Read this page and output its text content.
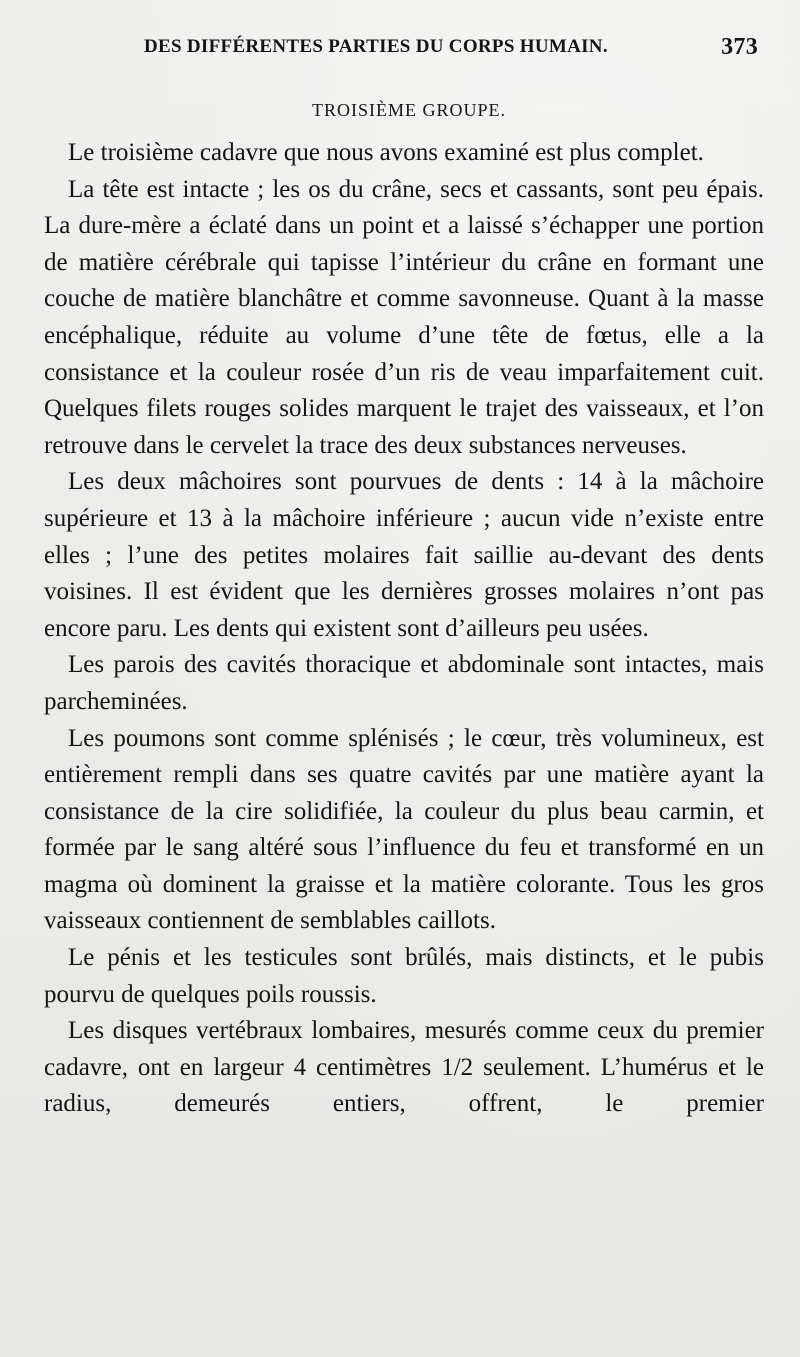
DES DIFFÉRENTES PARTIES DU CORPS HUMAIN.	373
TROISIÈME GROUPE.

Le troisième cadavre que nous avons examiné est plus complet.

La tête est intacte ; les os du crâne, secs et cassants, sont peu épais. La dure-mère a éclaté dans un point et a laissé s’échapper une portion de matière cérébrale qui tapisse l’intérieur du crâne en formant une couche de matière blanchâtre et comme savonneuse. Quant à la masse encéphalique, réduite au volume d’une tête de fœtus, elle a la consistance et la couleur rosée d’un ris de veau imparfaitement cuit. Quelques filets rouges solides marquent le trajet des vaisseaux, et l’on retrouve dans le cervelet la trace des deux substances nerveuses.

Les deux mâchoires sont pourvues de dents : 14 à la mâchoire supérieure et 13 à la mâchoire inférieure ; aucun vide n’existe entre elles ; l’une des petites molaires fait saillie au-devant des dents voisines. Il est évident que les dernières grosses molaires n’ont pas encore paru. Les dents qui existent sont d’ailleurs peu usées.

Les parois des cavités thoracique et abdominale sont intactes, mais parcheminées.

Les poumons sont comme splénisés ; le cœur, très volumineux, est entièrement rempli dans ses quatre cavités par une matière ayant la consistance de la cire solidifiée, la couleur du plus beau carmin, et formée par le sang altéré sous l’influence du feu et transformé en un magma où dominent la graisse et la matière colorante. Tous les gros vaisseaux contiennent de semblables caillots.

Le pénis et les testicules sont brûlés, mais distincts, et le pubis pourvu de quelques poils roussis.

Les disques vertébraux lombaires, mesurés comme ceux du premier cadavre, ont en largeur 4 centimètres 1/2 seulement. L’humérus et le radius, demeurés entiers, offrent, le premier
